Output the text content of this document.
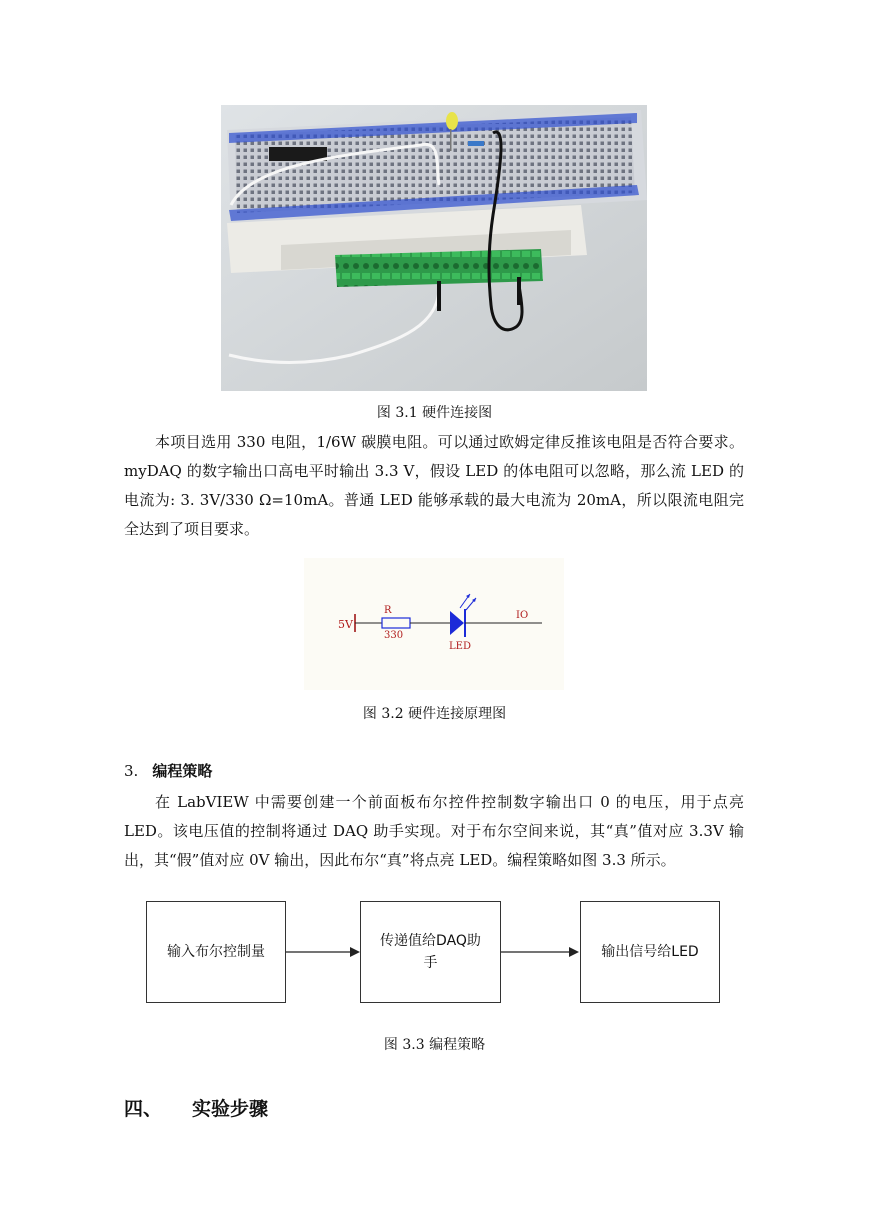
图 3.1 硬件连接图

本项目选用 330 电阻，1/6W 碳膜电阻。可以通过欧姆定律反推该电阻是否符合要求。myDAQ 的数字输出口高电平时输出 3.3 V，假设 LED 的体电阻可以忽略，那么流 LED 的电流为: 3. 3V/330 Ω=10mA。普通 LED 能够承载的最大电流为 20mA，所以限流电阻完全达到了项目要求。

5V
R
330
LED
IO
图 3.2 硬件连接原理图
3. 编程策略

在 LabVIEW 中需要创建一个前面板布尔控件控制数字输出口 0 的电压，用于点亮 LED。该电压值的控制将通过 DAQ 助手实现。对于布尔空间来说，其“真”值对应 3.3V 输出，其“假”值对应 0V 输出，因此布尔“真”将点亮 LED。编程策略如图 3.3 所示。

输入布尔控制量
传递值给DAQ助手
输出信号给LED
图 3.3 编程策略
四、 实验步骤
